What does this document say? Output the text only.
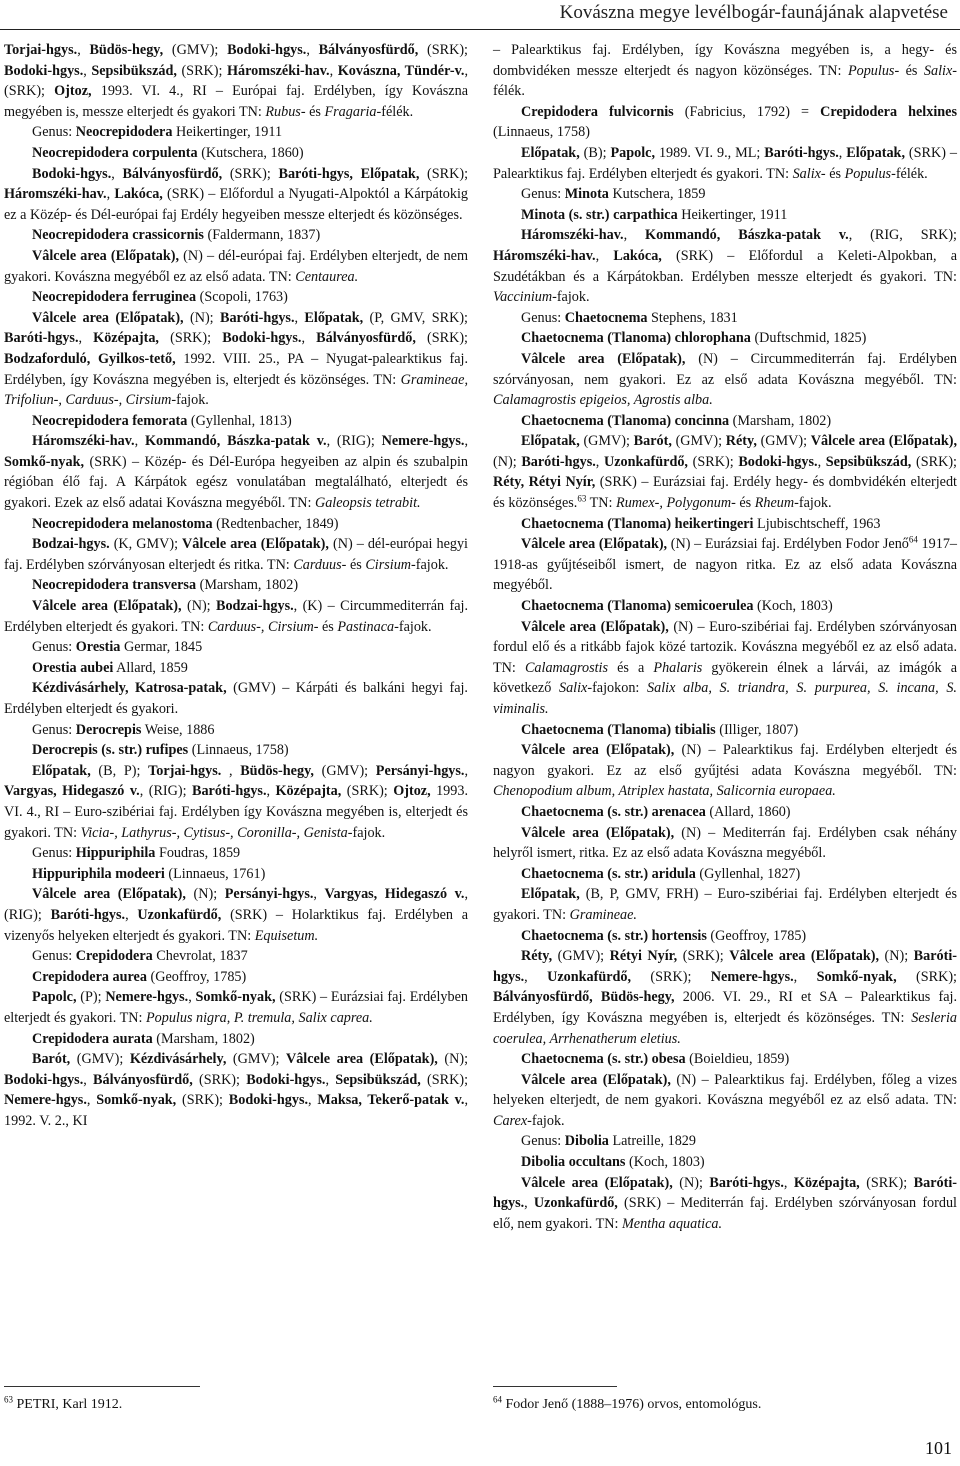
Kovászna megye levélbogár-faunájának alapvetése

Torjai-hgys., Büdös-hegy, (GMV); Bodoki-hgys., Bálványosfürdő, (SRK); Bodoki-hgys., Sepsibükszád, (SRK); Háromszéki-hav., Kovászna, Tündér-v., (SRK); Ojtoz, 1993. VI. 4., RI – Európai faj. Erdélyben, így Kovászna megyében is, messze elterjedt és gyakori TN: Rubus- és Fragaria-félék.

Genus: Neocrepidodera Heikertinger, 1911

Neocrepidodera corpulenta (Kutschera, 1860)

Bodoki-hgys., Bálványosfürdő, (SRK); Baróti-hgys, Előpatak, (SRK); Háromszéki-hav., Lakóca, (SRK) – Előfordul a Nyugati-Alpoktól a Kárpátokig ez a Közép- és Dél-európai faj Erdély hegyeiben messze elterjedt és közönséges.

Neocrepidodera crassicornis (Faldermann, 1837)

Vâlcele area (Előpatak), (N) – dél-európai faj. Erdélyben elterjedt, de nem gyakori. Kovászna megyéből ez az első adata. TN: Centaurea.

Neocrepidodera ferruginea (Scopoli, 1763)

Vâlcele area (Előpatak), (N); Baróti-hgys., Előpatak, (P, GMV, SRK); Baróti-hgys., Középajta, (SRK); Bodoki-hgys., Bálványosfürdő, (SRK); Bodzaforduló, Gyilkos-tető, 1992. VIII. 25., PA – Nyugat-palearktikus faj. Erdélyben, így Kovászna megyében is, elterjedt és közönséges. TN: Gramineae, Trifoliun-, Carduus-, Cirsium-fajok.

Neocrepidodera femorata (Gyllenhal, 1813)

Háromszéki-hav., Kommandó, Bászka-patak v., (RIG); Nemere-hgys., Somkő-nyak, (SRK) – Közép- és Dél-Európa hegyeiben az alpin és szubalpin régióban élő faj. A Kárpátok egész vonulatában megtalálható, elterjedt és gyakori. Ezek az első adatai Kovászna megyéből. TN: Galeopsis tetrabit.

Neocrepidodera melanostoma (Redtenbacher, 1849)

Bodzai-hgys. (K, GMV); Vâlcele area (Előpatak), (N) – dél-európai hegyi faj. Erdélyben szórványosan elterjedt és ritka. TN: Carduus- és Cirsium-fajok.

Neocrepidodera transversa (Marsham, 1802)

Vâlcele area (Előpatak), (N); Bodzai-hgys., (K) – Circummediterrán faj. Erdélyben elterjedt és gyakori. TN: Carduus-, Cirsium- és Pastinaca-fajok.

Genus: Orestia Germar, 1845

Orestia aubei Allard, 1859

Kézdivásárhely, Katrosa-patak, (GMV) – Kárpáti és balkáni hegyi faj. Erdélyben elterjedt és gyakori.

Genus: Derocrepis Weise, 1886

Derocrepis (s. str.) rufipes (Linnaeus, 1758)

Előpatak, (B, P); Torjai-hgys. , Büdös-hegy, (GMV); Persányi-hgys., Vargyas, Hidegaszó v., (RIG); Baróti-hgys., Középajta, (SRK); Ojtoz, 1993. VI. 4., RI – Euro-szibériai faj. Erdélyben így Kovászna megyében is, elterjedt és gyakori. TN: Vicia-, Lathyrus-, Cytisus-, Coronilla-, Genista-fajok.

Genus: Hippuriphila Foudras, 1859

Hippuriphila modeeri (Linnaeus, 1761)

Vâlcele area (Előpatak), (N); Persányi-hgys., Vargyas, Hidegaszó v., (RIG); Baróti-hgys., Uzonkafürdő, (SRK) – Holarktikus faj. Erdélyben a vizenyős helyeken elterjedt és gyakori. TN: Equisetum.

Genus: Crepidodera Chevrolat, 1837

Crepidodera aurea (Geoffroy, 1785)

Papolc, (P); Nemere-hgys., Somkő-nyak, (SRK) – Eurázsiai faj. Erdélyben elterjedt és gyakori. TN: Populus nigra, P. tremula, Salix caprea.

Crepidodera aurata (Marsham, 1802)

Barót, (GMV); Kézdivásárhely, (GMV); Vâlcele area (Előpatak), (N); Bodoki-hgys., Bálványosfürdő, (SRK); Bodoki-hgys., Sepsibükszád, (SRK); Nemere-hgys., Somkő-nyak, (SRK); Bodoki-hgys., Maksa, Tekerő-patak v., 1992. V. 2., KI

– Palearktikus faj. Erdélyben, így Kovászna megyében is, a hegy- és dombvidéken messze elterjedt és nagyon közönséges. TN: Populus- és Salix-félék.

Crepidodera fulvicornis (Fabricius, 1792) = Crepidodera helxines (Linnaeus, 1758)

Előpatak, (B); Papolc, 1989. VI. 9., ML; Baróti-hgys., Előpatak, (SRK) – Palearktikus faj. Erdélyben elterjedt és gyakori. TN: Salix- és Populus-félék.

Genus: Minota Kutschera, 1859

Minota (s. str.) carpathica Heikertinger, 1911

Háromszéki-hav., Kommandó, Bászka-patak v., (RIG, SRK); Háromszéki-hav., Lakóca, (SRK) – Előfordul a Keleti-Alpokban, a Szudétákban és a Kárpátokban. Erdélyben messze elterjedt és gyakori. TN: Vaccinium-fajok.

Genus: Chaetocnema Stephens, 1831

Chaetocnema (Tlanoma) chlorophana (Duftschmid, 1825)

Vâlcele area (Előpatak), (N) – Circummediterrán faj. Erdélyben szórványosan, nem gyakori. Ez az első adata Kovászna megyéből. TN: Calamagrostis epigeios, Agrostis alba.

Chaetocnema (Tlanoma) concinna (Marsham, 1802)

Előpatak, (GMV); Barót, (GMV); Réty, (GMV); Vâlcele area (Előpatak), (N); Baróti-hgys., Uzonkafürdő, (SRK); Bodoki-hgys., Sepsibükszád, (SRK); Réty, Rétyi Nyír, (SRK) – Eurázsiai faj. Erdély hegy- és dombvidékén elterjedt és közönséges.$^{63}$ TN: Rumex-, Polygonum- és Rheum-fajok.

Chaetocnema (Tlanoma) heikertingeri Ljubischtscheff, 1963

Vâlcele area (Előpatak), (N) – Eurázsiai faj. Erdélyben Fodor Jenő$^{64}$ 1917–1918-as gyűjtéseiből ismert, de nagyon ritka. Ez az első adata Kovászna megyéből.

Chaetocnema (Tlanoma) semicoerulea (Koch, 1803)

Vâlcele area (Előpatak), (N) – Euro-szibériai faj. Erdélyben szórványosan fordul elő és a ritkább fajok közé tartozik. Kovászna megyéből ez az első adata. TN: Calamagrostis és a Phalaris gyökerein élnek a lárvái, az imágók a következő Salix-fajokon: Salix alba, S. triandra, S. purpurea, S. incana, S. viminalis.

Chaetocnema (Tlanoma) tibialis (Illiger, 1807)

Vâlcele area (Előpatak), (N) – Palearktikus faj. Erdélyben elterjedt és nagyon gyakori. Ez az első gyűjtési adata Kovászna megyéből. TN: Chenopodium album, Atriplex hastata, Salicornia europaea.

Chaetocnema (s. str.) arenacea (Allard, 1860)

Vâlcele area (Előpatak), (N) – Mediterrán faj. Erdélyben csak néhány helyről ismert, ritka. Ez az első adata Kovászna megyéből.

Chaetocnema (s. str.) aridula (Gyllenhal, 1827)

Előpatak, (B, P, GMV, FRH) – Euro-szibériai faj. Erdélyben elterjedt és gyakori. TN: Gramineae.

Chaetocnema (s. str.) hortensis (Geoffroy, 1785)

Réty, (GMV); Rétyi Nyír, (SRK); Vâlcele area (Előpatak), (N); Baróti-hgys., Uzonkafürdő, (SRK); Nemere-hgys., Somkő-nyak, (SRK); Bálványosfürdő, Büdös-hegy, 2006. VI. 29., RI et SA – Palearktikus faj. Erdélyben, így Kovászna megyében is, elterjedt és közönséges. TN: Sesleria coerulea, Arrhenatherum eletius.

Chaetocnema (s. str.) obesa (Boieldieu, 1859)

Vâlcele area (Előpatak), (N) – Palearktikus faj. Erdélyben, főleg a vizes helyeken elterjedt, de nem gyakori. Kovászna megyéből ez az első adata. TN: Carex-fajok.

Genus: Dibolia Latreille, 1829

Dibolia occultans (Koch, 1803)

Vâlcele area (Előpatak), (N); Baróti-hgys., Középajta, (SRK); Baróti-hgys., Uzonkafürdő, (SRK) – Mediterrán faj. Erdélyben szórványosan fordul elő, nem gyakori. TN: Mentha aquatica.

$^{63}$ PETRI, Karl 1912.	$^{64}$ Fodor Jenő (1888–1976) orvos, entomológus.
101
